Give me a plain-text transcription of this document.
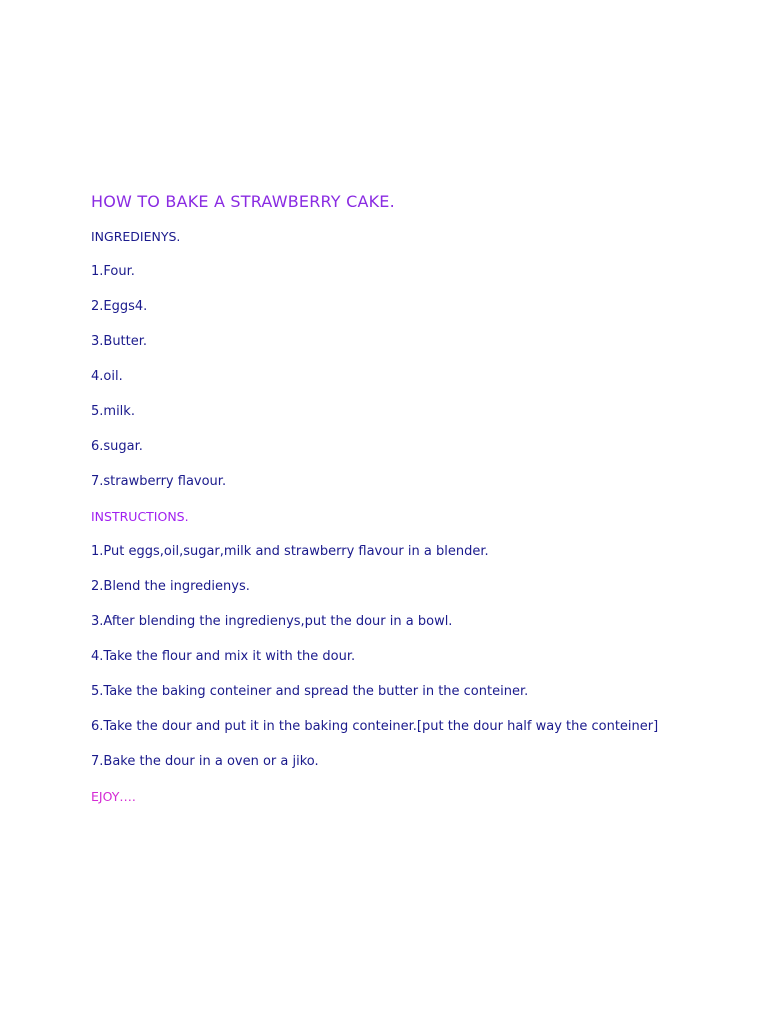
HOW TO BAKE A STRAWBERRY CAKE.

INGREDIENYS.

1.Four.

2.Eggs4.

3.Butter.

4.oil.

5.milk.

6.sugar.

7.strawberry flavour.

INSTRUCTIONS.

1.Put eggs,oil,sugar,milk and strawberry flavour in a blender.

2.Blend the ingredienys.

3.After blending the ingredienys,put the dour in a bowl.

4.Take the flour and mix it with the dour.

5.Take the baking conteiner and spread the butter in the conteiner.

6.Take the dour and put it in the baking conteiner.[put the dour half way the conteiner]

7.Bake the dour in a oven or a jiko.

EJOY….
